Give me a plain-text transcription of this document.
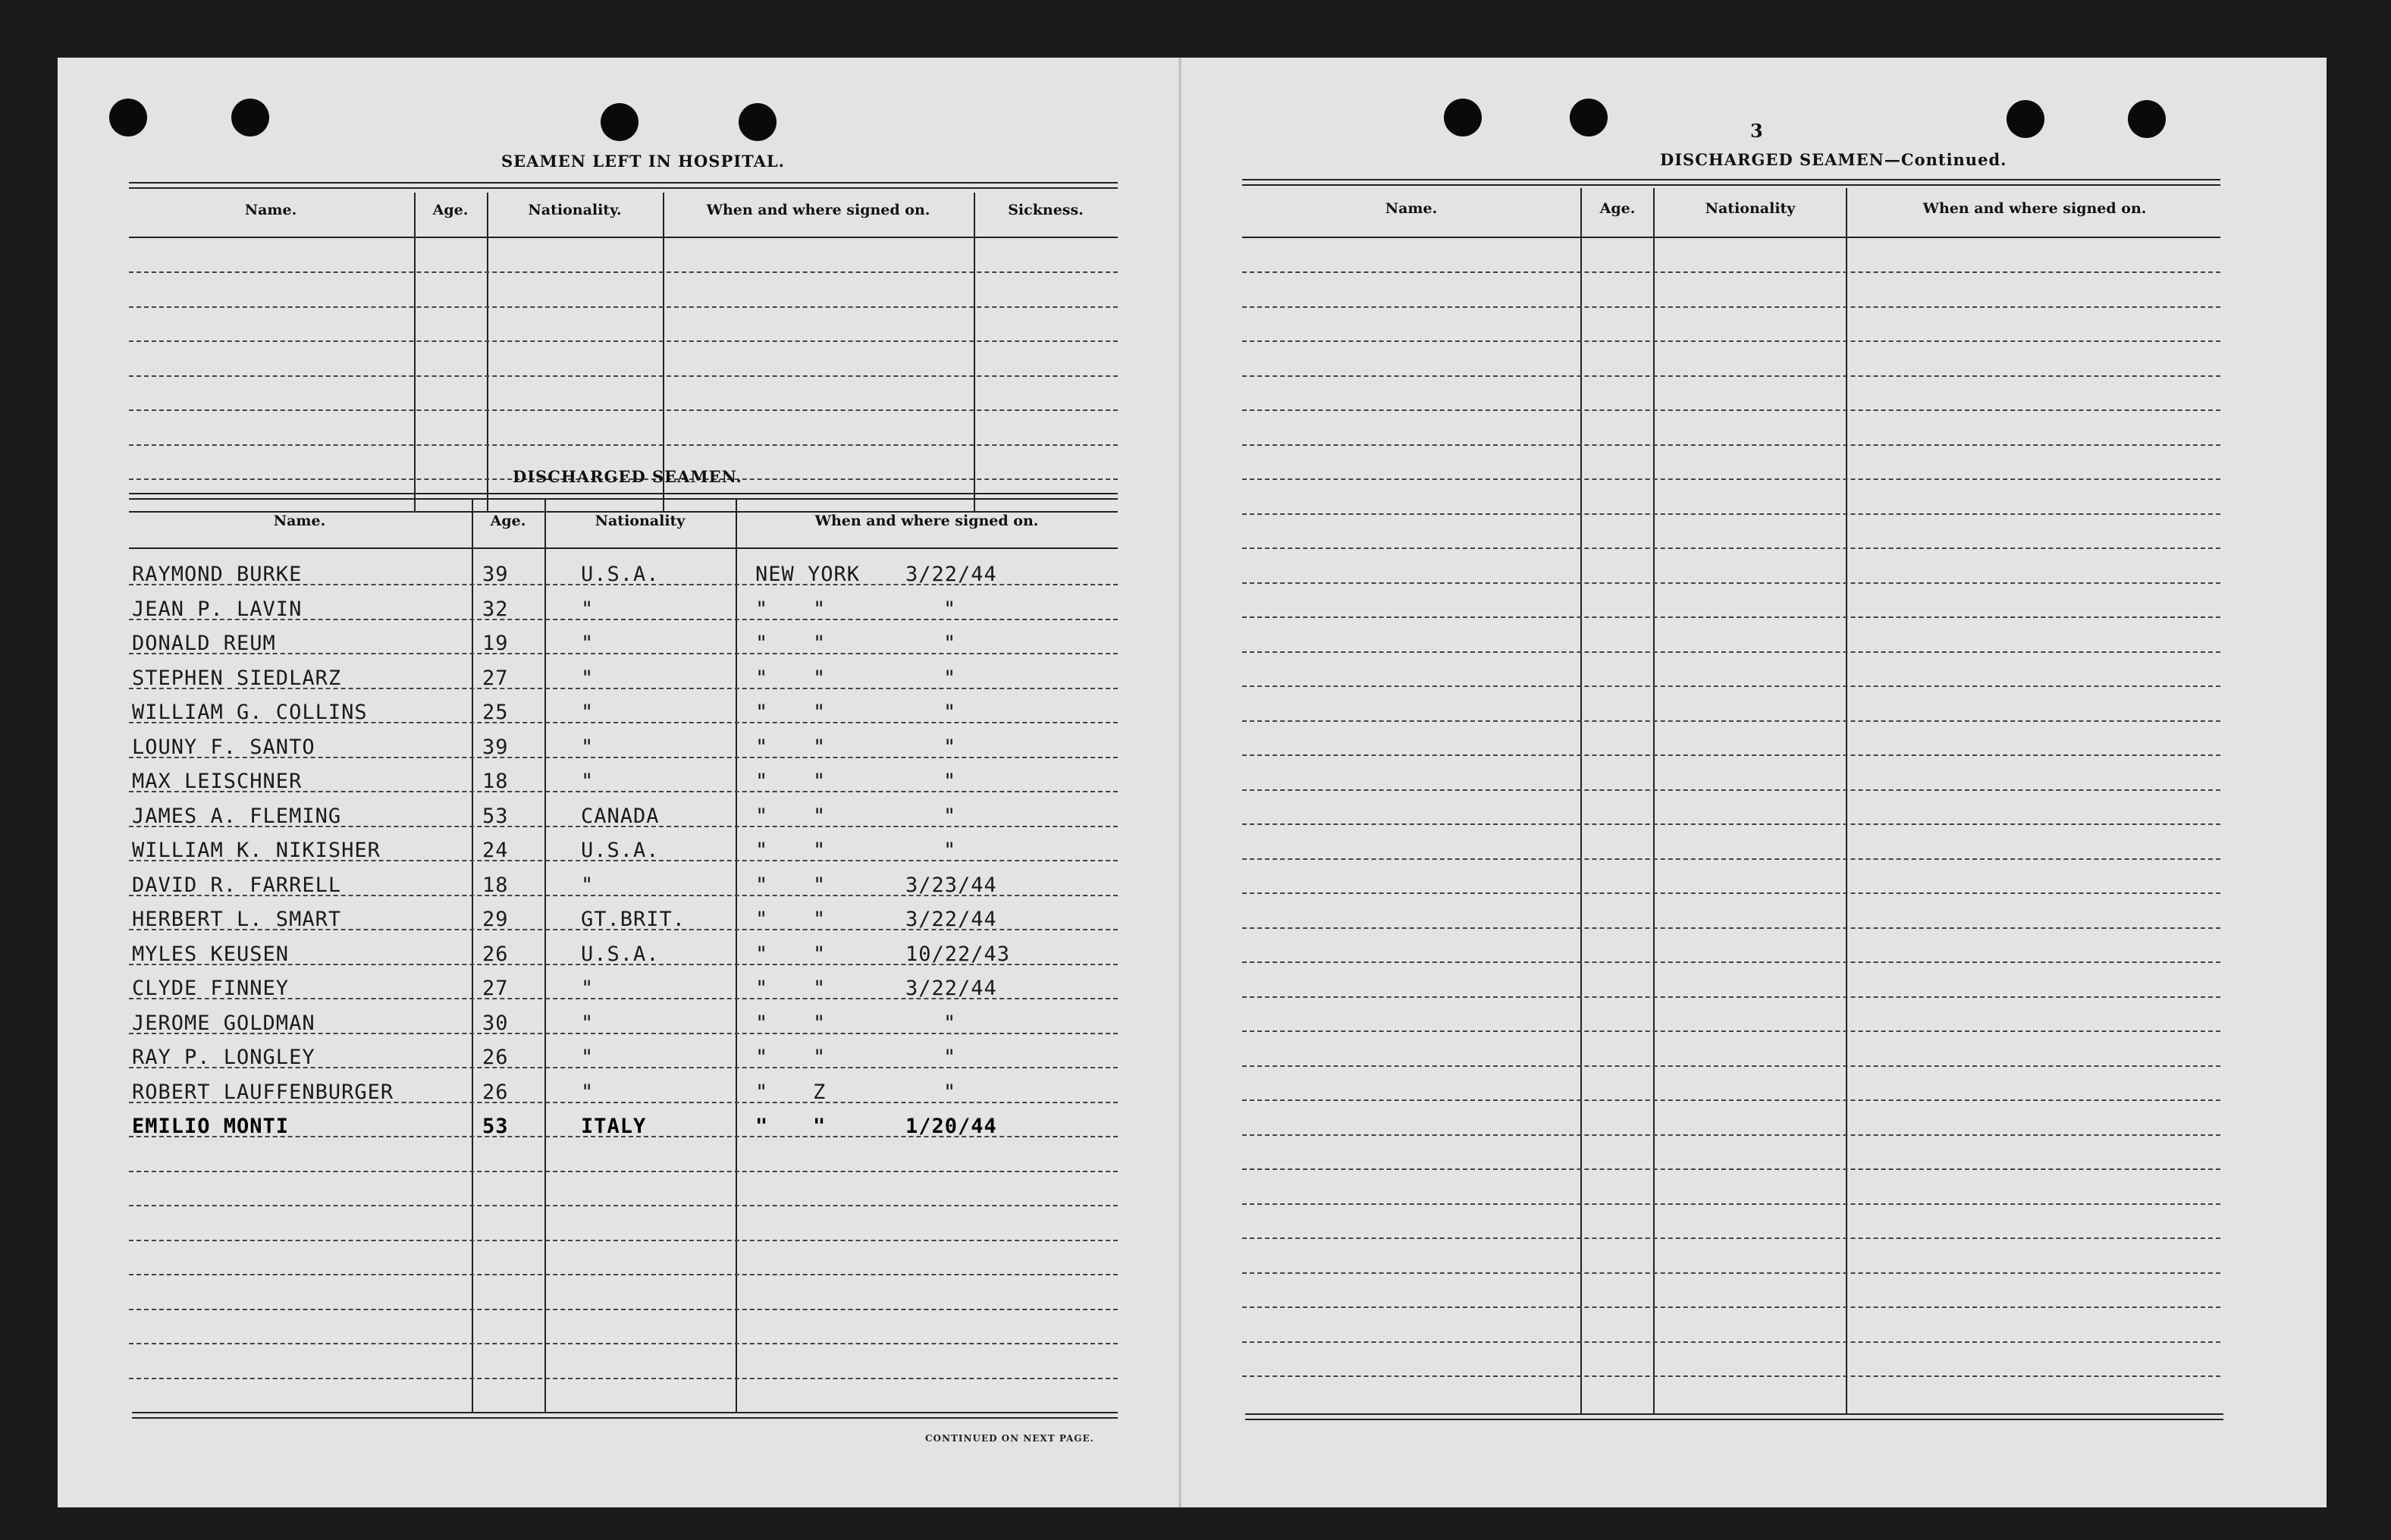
SEAMEN LEFT IN HOSPITAL.
Name.	Age.	Nationality.	When and where signed on.	Sickness.
DISCHARGED SEAMEN.
Name.	Age.	Nationality	When and where signed on.
RAYMOND BURKE	39	U.S.A.	NEW YORK 3/22/44
JEAN P. LAVIN	32	"	" "	"
DONALD REUM	19	"	" "	"
STEPHEN SIEDLARZ	27	"	" "	"
WILLIAM G. COLLINS	25	"	" "	"
LOUNY F. SANTO	39	"	" "	"
MAX LEISCHNER	18	"	" "	"
JAMES A. FLEMING	53	CANADA	" "	"
WILLIAM K. NIKISHER	24	U.S.A.	" "	"
DAVID R. FARRELL	18	"	" "	3/23/44
HERBERT L. SMART	29	GT.BRIT.	" "	3/22/44
MYLES KEUSEN	26	U.S.A.	" "	10/22/43
CLYDE FINNEY	27	"	" "	3/22/44
JEROME GOLDMAN	30	"	" "	"
RAY P. LONGLEY	26	"	" "	"
ROBERT LAUFFENBURGER	26	"	" Z	"
EMILIO MONTI	53	ITALY	" "	1/20/44
CONTINUED ON NEXT PAGE.
3
DISCHARGED SEAMEN—Continued.
Name.	Age.	Nationality	When and where signed on.
